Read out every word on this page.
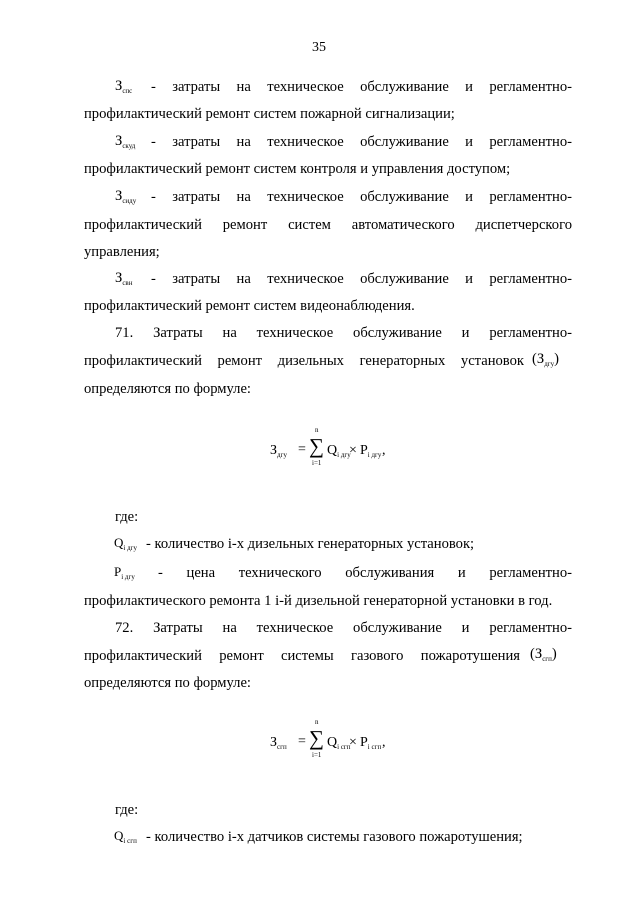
35
$З_{спс}$ - затраты на техническое обслуживание и регламентно-
профилактический ремонт систем пожарной сигнализации;
$З_{скуд}$ - затраты на техническое обслуживание и регламентно-
профилактический ремонт систем контроля и управления доступом;
$З_{сиду}$ - затраты на техническое обслуживание и регламентно-
профилактический ремонт систем автоматического диспетчерского
управления;
$З_{свн}$ - затраты на техническое обслуживание и регламентно-
профилактический ремонт систем видеонаблюдения.
71. Затраты на техническое обслуживание и регламентно-
профилактический ремонт дизельных генераторных установок $(З_{дгу})$
определяются по формуле:
$З_{дгу}$ =
n
∑
i=1
$Q_{i дгу}$
× $P_{i дгу}$ ,
где:
$Q_{i дгу}$ - количество i-х дизельных генераторных установок;
$P_{i дгу}$ - цена технического обслуживания и регламентно-
профилактического ремонта 1 i-й дизельной генераторной установки в год.
72. Затраты на техническое обслуживание и регламентно-
профилактический ремонт системы газового пожаротушения $(З_{сгп})$
определяются по формуле:
$З_{сгп}$ =
n
∑
i=1
$Q_{i сгп}$
× $P_{i сгп}$ ,
где:
$Q_{i сгп}$ - количество i-х датчиков системы газового пожаротушения;
